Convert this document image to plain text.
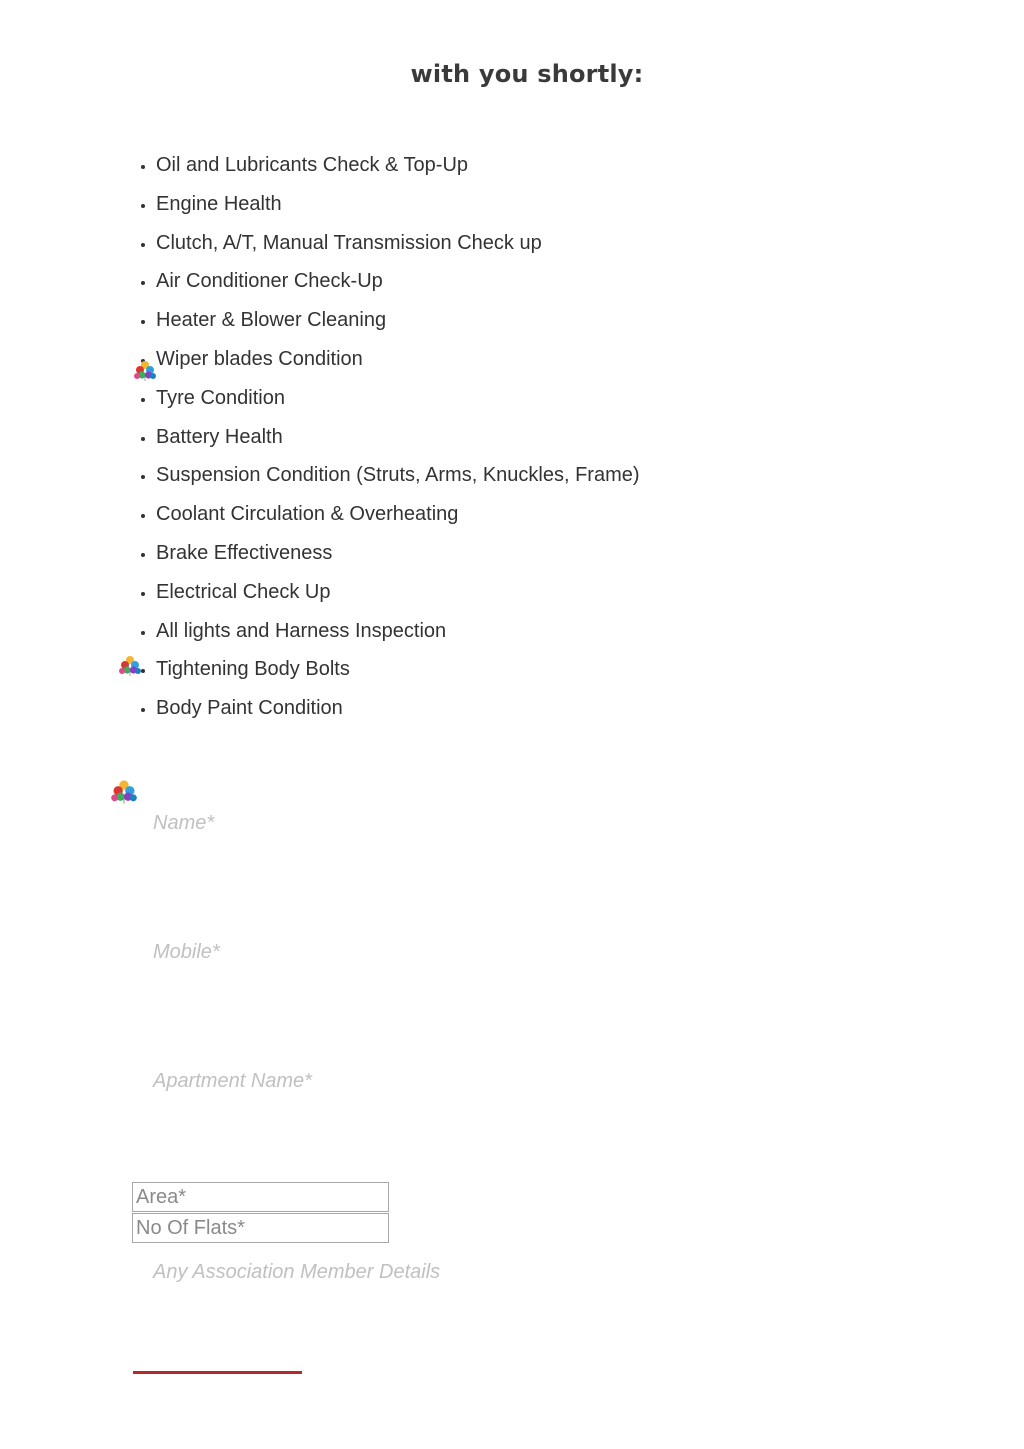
with you shortly:
• Oil and Lubricants Check & Top-Up
• Engine Health
• Clutch, A/T, Manual Transmission Check up
• Air Conditioner Check-Up
• Heater & Blower Cleaning
• Wiper blades Condition
• Tyre Condition
• Battery Health
• Suspension Condition (Struts, Arms, Knuckles, Frame)
• Coolant Circulation & Overheating
• Brake Effectiveness
• Electrical Check Up
• All lights and Harness Inspection
• Tightening Body Bolts
• Body Paint Condition
Name*
Mobile*
Apartment Name*
Area*
No Of Flats*
Any Association Member Details
